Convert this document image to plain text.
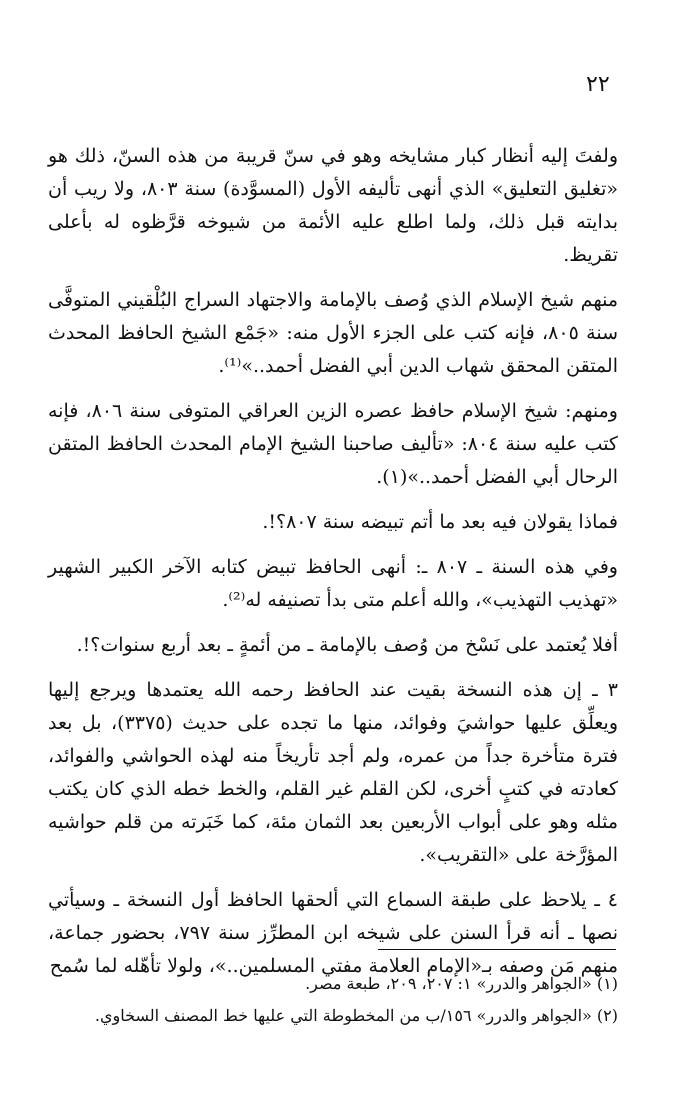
٢٢

ولفتَ إليه أنظار كبار مشايخه وهو في سنّ قريبة من هذه السنّ، ذلك هو «تغليق التعليق» الذي أنهى تأليفه الأول (المسوَّدة) سنة ٨٠٣، ولا ريب أن بدايته قبل ذلك، ولما اطلع عليه الأئمة من شيوخه قرَّظوه له بأعلى تقريظ.

منهم شيخ الإسلام الذي وُصف بالإمامة والاجتهاد السراج البُلْقيني المتوفَّى سنة ٨٠٥، فإنه كتب على الجزء الأول منه: «جَمْع الشيخ الحافظ المحدث المتقن المحقق شهاب الدين أبي الفضل أحمد..»⁽¹⁾.

ومنهم: شيخ الإسلام حافظ عصره الزين العراقي المتوفى سنة ٨٠٦، فإنه كتب عليه سنة ٨٠٤: «تأليف صاحبنا الشيخ الإمام المحدث الحافظ المتقن الرحال أبي الفضل أحمد..»(١).

فماذا يقولان فيه بعد ما أتم تبيضه سنة ٨٠٧؟!.

وفي هذه السنة ـ ٨٠٧ ـ: أنهى الحافظ تبيض كتابه الآخر الكبير الشهير «تهذيب التهذيب»، والله أعلم متى بدأ تصنيفه له⁽²⁾.

أفلا يُعتمد على نَسْخ من وُصف بالإمامة ـ من أئمةٍ ـ بعد أربع سنوات؟!.

٣ ـ إن هذه النسخة بقيت عند الحافظ رحمه الله يعتمدها ويرجع إليها ويعلِّق عليها حواشيَ وفوائد، منها ما تجده على حديث (٣٣٧٥)، بل بعد فترة متأخرة جداً من عمره، ولم أجد تأريخاً منه لهذه الحواشي والفوائد، كعادته في كتبٍ أخرى، لكن القلم غير القلم، والخط خطه الذي كان يكتب مثله وهو على أبواب الأربعين بعد الثمان مئة، كما خَبَرته من قلم حواشيه المؤرَّخة على «التقريب».

٤ ـ يلاحظ على طبقة السماع التي ألحقها الحافظ أول النسخة ـ وسيأتي نصها ـ أنه قرأ السنن على شيخه ابن المطرِّز سنة ٧٩٧، بحضور جماعة، منهم مَن وصفه بـ«الإمام العلامة مفتي المسلمين..»، ولولا تأهّله لما سُمح

(١) «الجواهر والدرر» ١: ٢٠٧، ٢٠٩، طبعة مصر.

(٢) «الجواهر والدرر» ١٥٦/ب من المخطوطة التي عليها خط المصنف السخاوي.
